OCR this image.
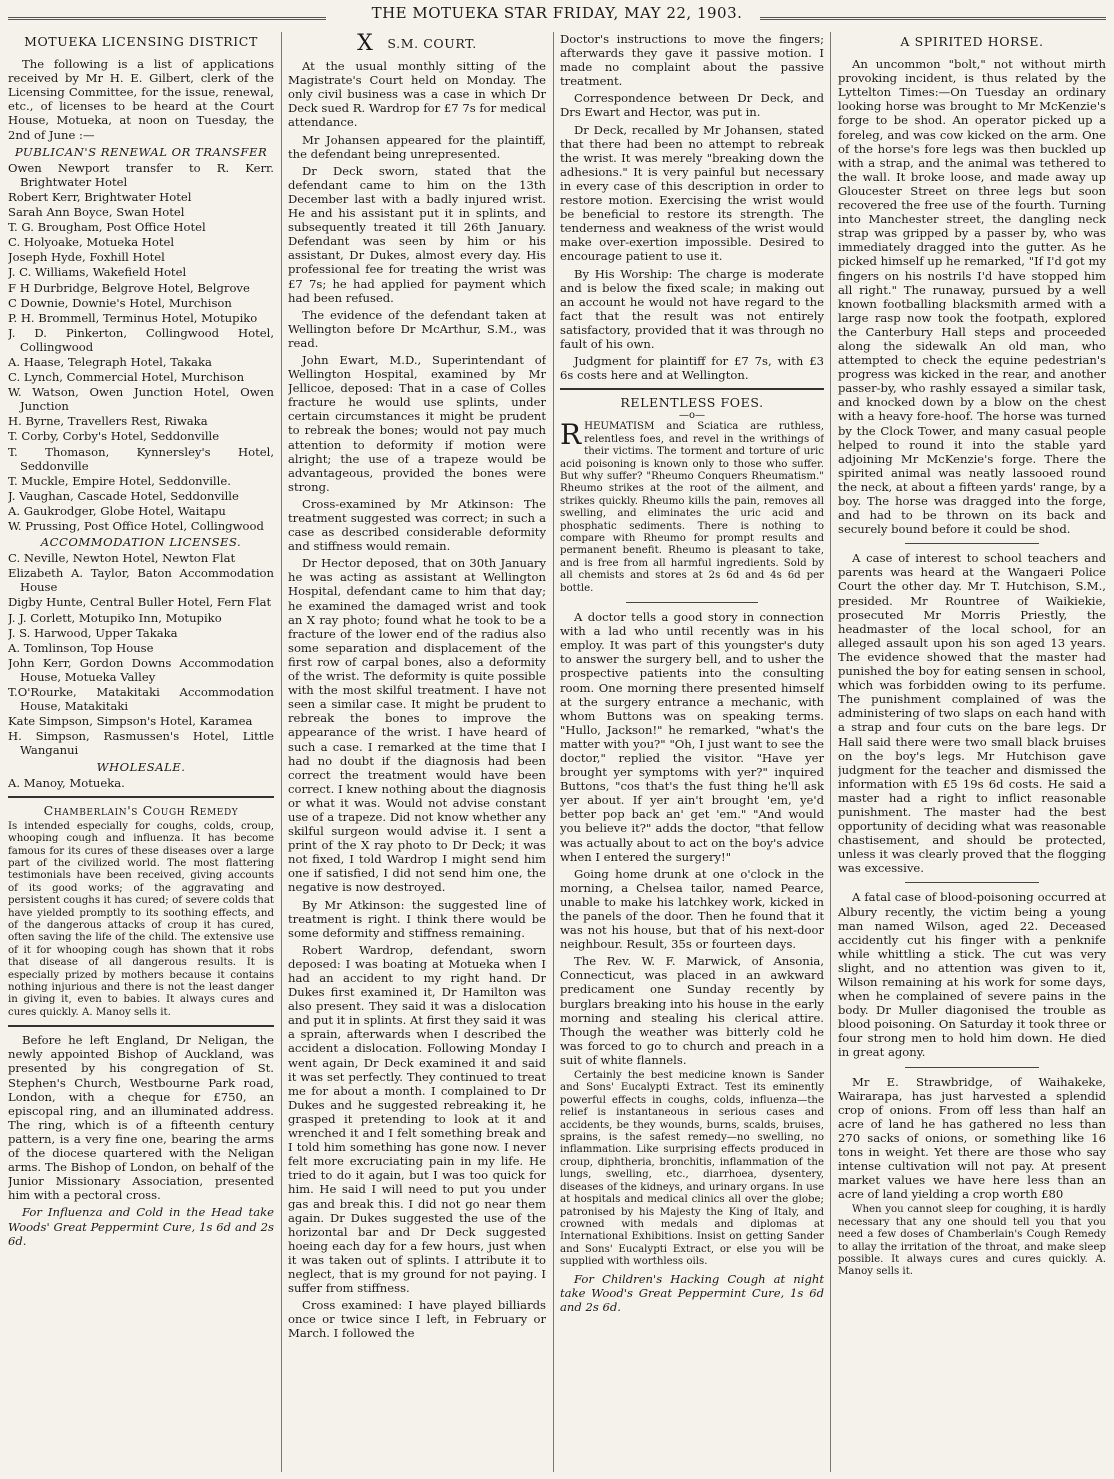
THE MOTUEKA STAR FRIDAY, MAY 22, 1903.
MOTUEKA LICENSING DISTRICT

The following is a list of applications received by Mr H. E. Gilbert, clerk of the Licensing Committee, for the issue, renewal, etc., of licenses to be heard at the Court House, Motueka, at noon on Tuesday, the 2nd of June :—

PUBLICAN'S RENEWAL OR TRANSFER
Owen Newport transfer to R. Kerr. Brightwater Hotel
Robert Kerr, Brightwater Hotel
Sarah Ann Boyce, Swan Hotel
T. G. Brougham, Post Office Hotel
C. Holyoake, Motueka Hotel
Joseph Hyde, Foxhill Hotel
J. C. Williams, Wakefield Hotel
F H Durbridge, Belgrove Hotel, Belgrove
C Downie, Downie's Hotel, Murchison
P. H. Brommell, Terminus Hotel, Motupiko
J. D. Pinkerton, Collingwood Hotel, Collingwood
A. Haase, Telegraph Hotel, Takaka
C. Lynch, Commercial Hotel, Murchison
W. Watson, Owen Junction Hotel, Owen Junction
H. Byrne, Travellers Rest, Riwaka
T. Corby, Corby's Hotel, Seddonville
T. Thomason, Kynnersley's Hotel, Seddonville
T. Muckle, Empire Hotel, Seddonville.
J. Vaughan, Cascade Hotel, Seddonville
A. Gaukrodger, Globe Hotel, Waitapu
W. Prussing, Post Office Hotel, Collingwood
ACCOMMODATION LICENSES.
C. Neville, Newton Hotel, Newton Flat
Elizabeth A. Taylor, Baton Accommodation House
Digby Hunte, Central Buller Hotel, Fern Flat
J. J. Corlett, Motupiko Inn, Motupiko
J. S. Harwood, Upper Takaka
A. Tomlinson, Top House
John Kerr, Gordon Downs Accommodation House, Motueka Valley
T.O'Rourke, Matakitaki Accommodation House, Matakitaki
Kate Simpson, Simpson's Hotel, Karamea
H. Simpson, Rasmussen's Hotel, Little Wanganui
WHOLESALE.
A. Manoy, Motueka.
Chamberlain's Cough Remedy

Is intended especially for coughs, colds, croup, whooping cough and influenza. It has become famous for its cures of these diseases over a large part of the civilized world. The most flattering testimonials have been received, giving accounts of its good works; of the aggravating and persistent coughs it has cured; of severe colds that have yielded promptly to its soothing effects, and of the dangerous attacks of croup it has cured, often saving the life of the child. The extensive use of it for whooping cough has shown that it robs that disease of all dangerous results. It is especially prized by mothers because it contains nothing injurious and there is not the least danger in giving it, even to babies. It always cures and cures quickly. A. Manoy sells it.

Before he left England, Dr Neligan, the newly appointed Bishop of Auckland, was presented by his congregation of St. Stephen's Church, Westbourne Park road, London, with a cheque for £750, an episcopal ring, and an illuminated address. The ring, which is of a fifteenth century pattern, is a very fine one, bearing the arms of the diocese quartered with the Neligan arms. The Bishop of London, on behalf of the Junior Missionary Association, presented him with a pectoral cross.

For Influenza and Cold in the Head take Woods' Great Peppermint Cure, 1s 6d and 2s 6d.

X S.M. COURT.

At the usual monthly sitting of the Magistrate's Court held on Monday. The only civil business was a case in which Dr Deck sued R. Wardrop for £7 7s for medical attendance.

Mr Johansen appeared for the plaintiff, the defendant being unrepresented.

Dr Deck sworn, stated that the defendant came to him on the 13th December last with a badly injured wrist. He and his assistant put it in splints, and subsequently treated it till 26th January. Defendant was seen by him or his assistant, Dr Dukes, almost every day. His professional fee for treating the wrist was £7 7s; he had applied for payment which had been refused.

The evidence of the defendant taken at Wellington before Dr McArthur, S.M., was read.

John Ewart, M.D., Superintendant of Wellington Hospital, examined by Mr Jellicoe, deposed: That in a case of Colles fracture he would use splints, under certain circumstances it might be prudent to rebreak the bones; would not pay much attention to deformity if motion were alright; the use of a trapeze would be advantageous, provided the bones were strong.

Cross-examined by Mr Atkinson: The treatment suggested was correct; in such a case as described considerable deformity and stiffness would remain.

Dr Hector deposed, that on 30th January he was acting as assistant at Wellington Hospital, defendant came to him that day; he examined the damaged wrist and took an X ray photo; found what he took to be a fracture of the lower end of the radius also some separation and displacement of the first row of carpal bones, also a deformity of the wrist. The deformity is quite possible with the most skilful treatment. I have not seen a similar case. It might be prudent to rebreak the bones to improve the appearance of the wrist. I have heard of such a case. I remarked at the time that I had no doubt if the diagnosis had been correct the treatment would have been correct. I knew nothing about the diagnosis or what it was. Would not advise constant use of a trapeze. Did not know whether any skilful surgeon would advise it. I sent a print of the X ray photo to Dr Deck; it was not fixed, I told Wardrop I might send him one if satisfied, I did not send him one, the negative is now destroyed.

By Mr Atkinson: the suggested line of treatment is right. I think there would be some deformity and stiffness remaining.

Robert Wardrop, defendant, sworn deposed: I was boating at Motueka when I had an accident to my right hand. Dr Dukes first examined it, Dr Hamilton was also present. They said it was a dislocation and put it in splints. At first they said it was a sprain, afterwards when I described the accident a dislocation. Following Monday I went again, Dr Deck examined it and said it was set perfectly. They continued to treat me for about a month. I complained to Dr Dukes and he suggested rebreaking it, he grasped it pretending to look at it and wrenched it and I felt something break and I told him something has gone now. I never felt more excruciating pain in my life. He tried to do it again, but I was too quick for him. He said I will need to put you under gas and break this. I did not go near them again. Dr Dukes suggested the use of the horizontal bar and Dr Deck suggested hoeing each day for a few hours, just when it was taken out of splints. I attribute it to neglect, that is my ground for not paying. I suffer from stiffness.

Cross examined: I have played billiards once or twice since I left, in February or March. I followed the

Doctor's instructions to move the fingers; afterwards they gave it passive motion. I made no complaint about the passive treatment.

Correspondence between Dr Deck, and Drs Ewart and Hector, was put in.

Dr Deck, recalled by Mr Johansen, stated that there had been no attempt to rebreak the wrist. It was merely "breaking down the adhesions." It is very painful but necessary in every case of this description in order to restore motion. Exercising the wrist would be beneficial to restore its strength. The tenderness and weakness of the wrist would make over-exertion impossible. Desired to encourage patient to use it.

By His Worship: The charge is moderate and is below the fixed scale; in making out an account he would not have regard to the fact that the result was not entirely satisfactory, provided that it was through no fault of his own.

Judgment for plaintiff for £7 7s, with £3 6s costs here and at Wellington.

RELENTLESS FOES.
—o—

RHEUMATISM and Sciatica are ruthless, relentless foes, and revel in the writhings of their victims. The torment and torture of uric acid poisoning is known only to those who suffer. But why suffer? "Rheumo Conquers Rheumatism." Rheumo strikes at the root of the ailment, and strikes quickly. Rheumo kills the pain, removes all swelling, and eliminates the uric acid and phosphatic sediments. There is nothing to compare with Rheumo for prompt results and permanent benefit. Rheumo is pleasant to take, and is free from all harmful ingredients. Sold by all chemists and stores at 2s 6d and 4s 6d per bottle.

A doctor tells a good story in connection with a lad who until recently was in his employ. It was part of this youngster's duty to answer the surgery bell, and to usher the prospective patients into the consulting room. One morning there presented himself at the surgery entrance a mechanic, with whom Buttons was on speaking terms. "Hullo, Jackson!" he remarked, "what's the matter with you?" "Oh, I just want to see the doctor," replied the visitor. "Have yer brought yer symptoms with yer?" inquired Buttons, "cos that's the fust thing he'll ask yer about. If yer ain't brought 'em, ye'd better pop back an' get 'em." "And would you believe it?" adds the doctor, "that fellow was actually about to act on the boy's advice when I entered the surgery!"

Going home drunk at one o'clock in the morning, a Chelsea tailor, named Pearce, unable to make his latchkey work, kicked in the panels of the door. Then he found that it was not his house, but that of his next-door neighbour. Result, 35s or fourteen days.

The Rev. W. F. Marwick, of Ansonia, Connecticut, was placed in an awkward predicament one Sunday recently by burglars breaking into his house in the early morning and stealing his clerical attire. Though the weather was bitterly cold he was forced to go to church and preach in a suit of white flannels.

Certainly the best medicine known is Sander and Sons' Eucalypti Extract. Test its eminently powerful effects in coughs, colds, influenza—the relief is instantaneous in serious cases and accidents, be they wounds, burns, scalds, bruises, sprains, is the safest remedy—no swelling, no inflammation. Like surprising effects produced in croup, diphtheria, bronchitis, inflammation of the lungs, swelling, etc., diarrhoea, dysentery, diseases of the kidneys, and urinary organs. In use at hospitals and medical clinics all over the globe; patronised by his Majesty the King of Italy, and crowned with medals and diplomas at International Exhibitions. Insist on getting Sander and Sons' Eucalypti Extract, or else you will be supplied with worthless oils.

For Children's Hacking Cough at night take Wood's Great Peppermint Cure, 1s 6d and 2s 6d.

A SPIRITED HORSE.

An uncommon "bolt," not without mirth provoking incident, is thus related by the Lyttelton Times:—On Tuesday an ordinary looking horse was brought to Mr McKenzie's forge to be shod. An operator picked up a foreleg, and was cow kicked on the arm. One of the horse's fore legs was then buckled up with a strap, and the animal was tethered to the wall. It broke loose, and made away up Gloucester Street on three legs but soon recovered the free use of the fourth. Turning into Manchester street, the dangling neck strap was gripped by a passer by, who was immediately dragged into the gutter. As he picked himself up he remarked, "If I'd got my fingers on his nostrils I'd have stopped him all right." The runaway, pursued by a well known footballing blacksmith armed with a large rasp now took the footpath, explored the Canterbury Hall steps and proceeded along the sidewalk An old man, who attempted to check the equine pedestrian's progress was kicked in the rear, and another passer-by, who rashly essayed a similar task, and knocked down by a blow on the chest with a heavy fore-hoof. The horse was turned by the Clock Tower, and many casual people helped to round it into the stable yard adjoining Mr McKenzie's forge. There the spirited animal was neatly lassooed round the neck, at about a fifteen yards' range, by a boy. The horse was dragged into the forge, and had to be thrown on its back and securely bound before it could be shod.

A case of interest to school teachers and parents was heard at the Wangaeri Police Court the other day. Mr T. Hutchison, S.M., presided. Mr Rountree of Waikiekie, prosecuted Mr Morris Priestly, the headmaster of the local school, for an alleged assault upon his son aged 13 years. The evidence showed that the master had punished the boy for eating sensen in school, which was forbidden owing to its perfume. The punishment complained of was the administering of two slaps on each hand with a strap and four cuts on the bare legs. Dr Hall said there were two small black bruises on the boy's legs. Mr Hutchison gave judgment for the teacher and dismissed the information with £5 19s 6d costs. He said a master had a right to inflict reasonable punishment. The master had the best opportunity of deciding what was reasonable chastisement, and should be protected, unless it was clearly proved that the flogging was excessive.

A fatal case of blood-poisoning occurred at Albury recently, the victim being a young man named Wilson, aged 22. Deceased accidently cut his finger with a penknife while whittling a stick. The cut was very slight, and no attention was given to it, Wilson remaining at his work for some days, when he complained of severe pains in the body. Dr Muller diagonised the trouble as blood poisoning. On Saturday it took three or four strong men to hold him down. He died in great agony.

Mr E. Strawbridge, of Waihakeke, Wairarapa, has just harvested a splendid crop of onions. From off less than half an acre of land he has gathered no less than 270 sacks of onions, or something like 16 tons in weight. Yet there are those who say intense cultivation will not pay. At present market values we have here less than an acre of land yielding a crop worth £80

When you cannot sleep for coughing, it is hardly necessary that any one should tell you that you need a few doses of Chamberlain's Cough Remedy to allay the irritation of the throat, and make sleep possible. It always cures and cures quickly. A. Manoy sells it.
